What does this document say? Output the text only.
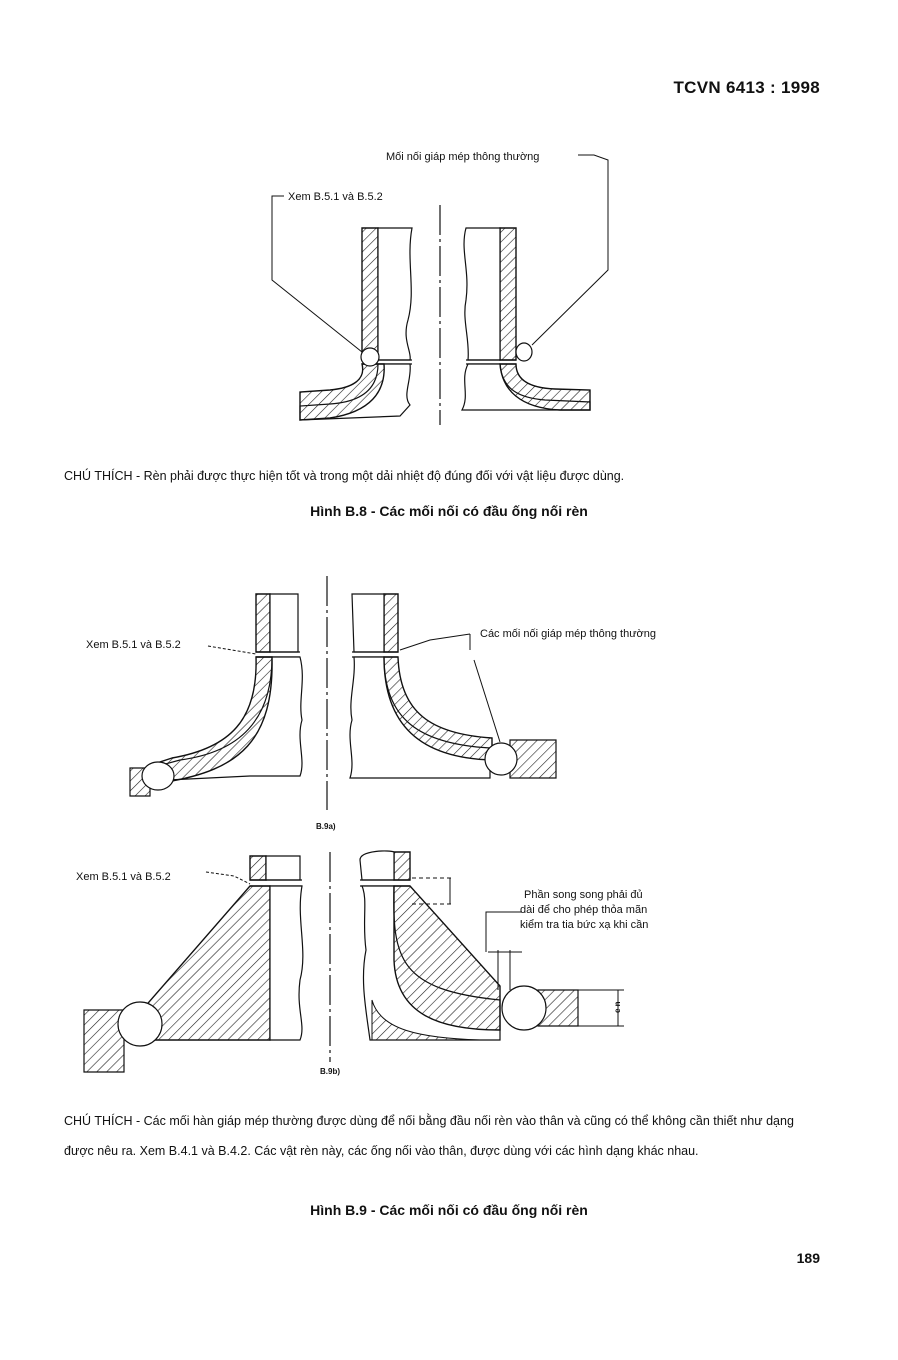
TCVN 6413 : 1998
Mối nối giáp mép thông thường
Xem B.5.1 và B.5.2
CHÚ THÍCH - Rèn phải được thực hiện tốt và trong một dải nhiệt độ đúng đối với vật liệu được dùng.
Hình B.8 - Các mối nối có đầu ống nối rèn
Xem B.5.1 và B.5.2
Các mối nối giáp mép thông thường
B.9a)
e n
Xem B.5.1 và B.5.2
Phần song song phải đủ
dài để cho phép thỏa mãn
kiểm tra tia bức xạ khi cần
B.9b)
CHÚ THÍCH - Các mối hàn giáp mép thường được dùng để nối bằng đầu nối rèn vào thân và cũng có thể không cần thiết như dạng được nêu ra. Xem B.4.1 và B.4.2. Các vật rèn này, các ống nối vào thân, được dùng với các hình dạng khác nhau.
Hình B.9 - Các mối nối có đầu ống nối rèn
189
